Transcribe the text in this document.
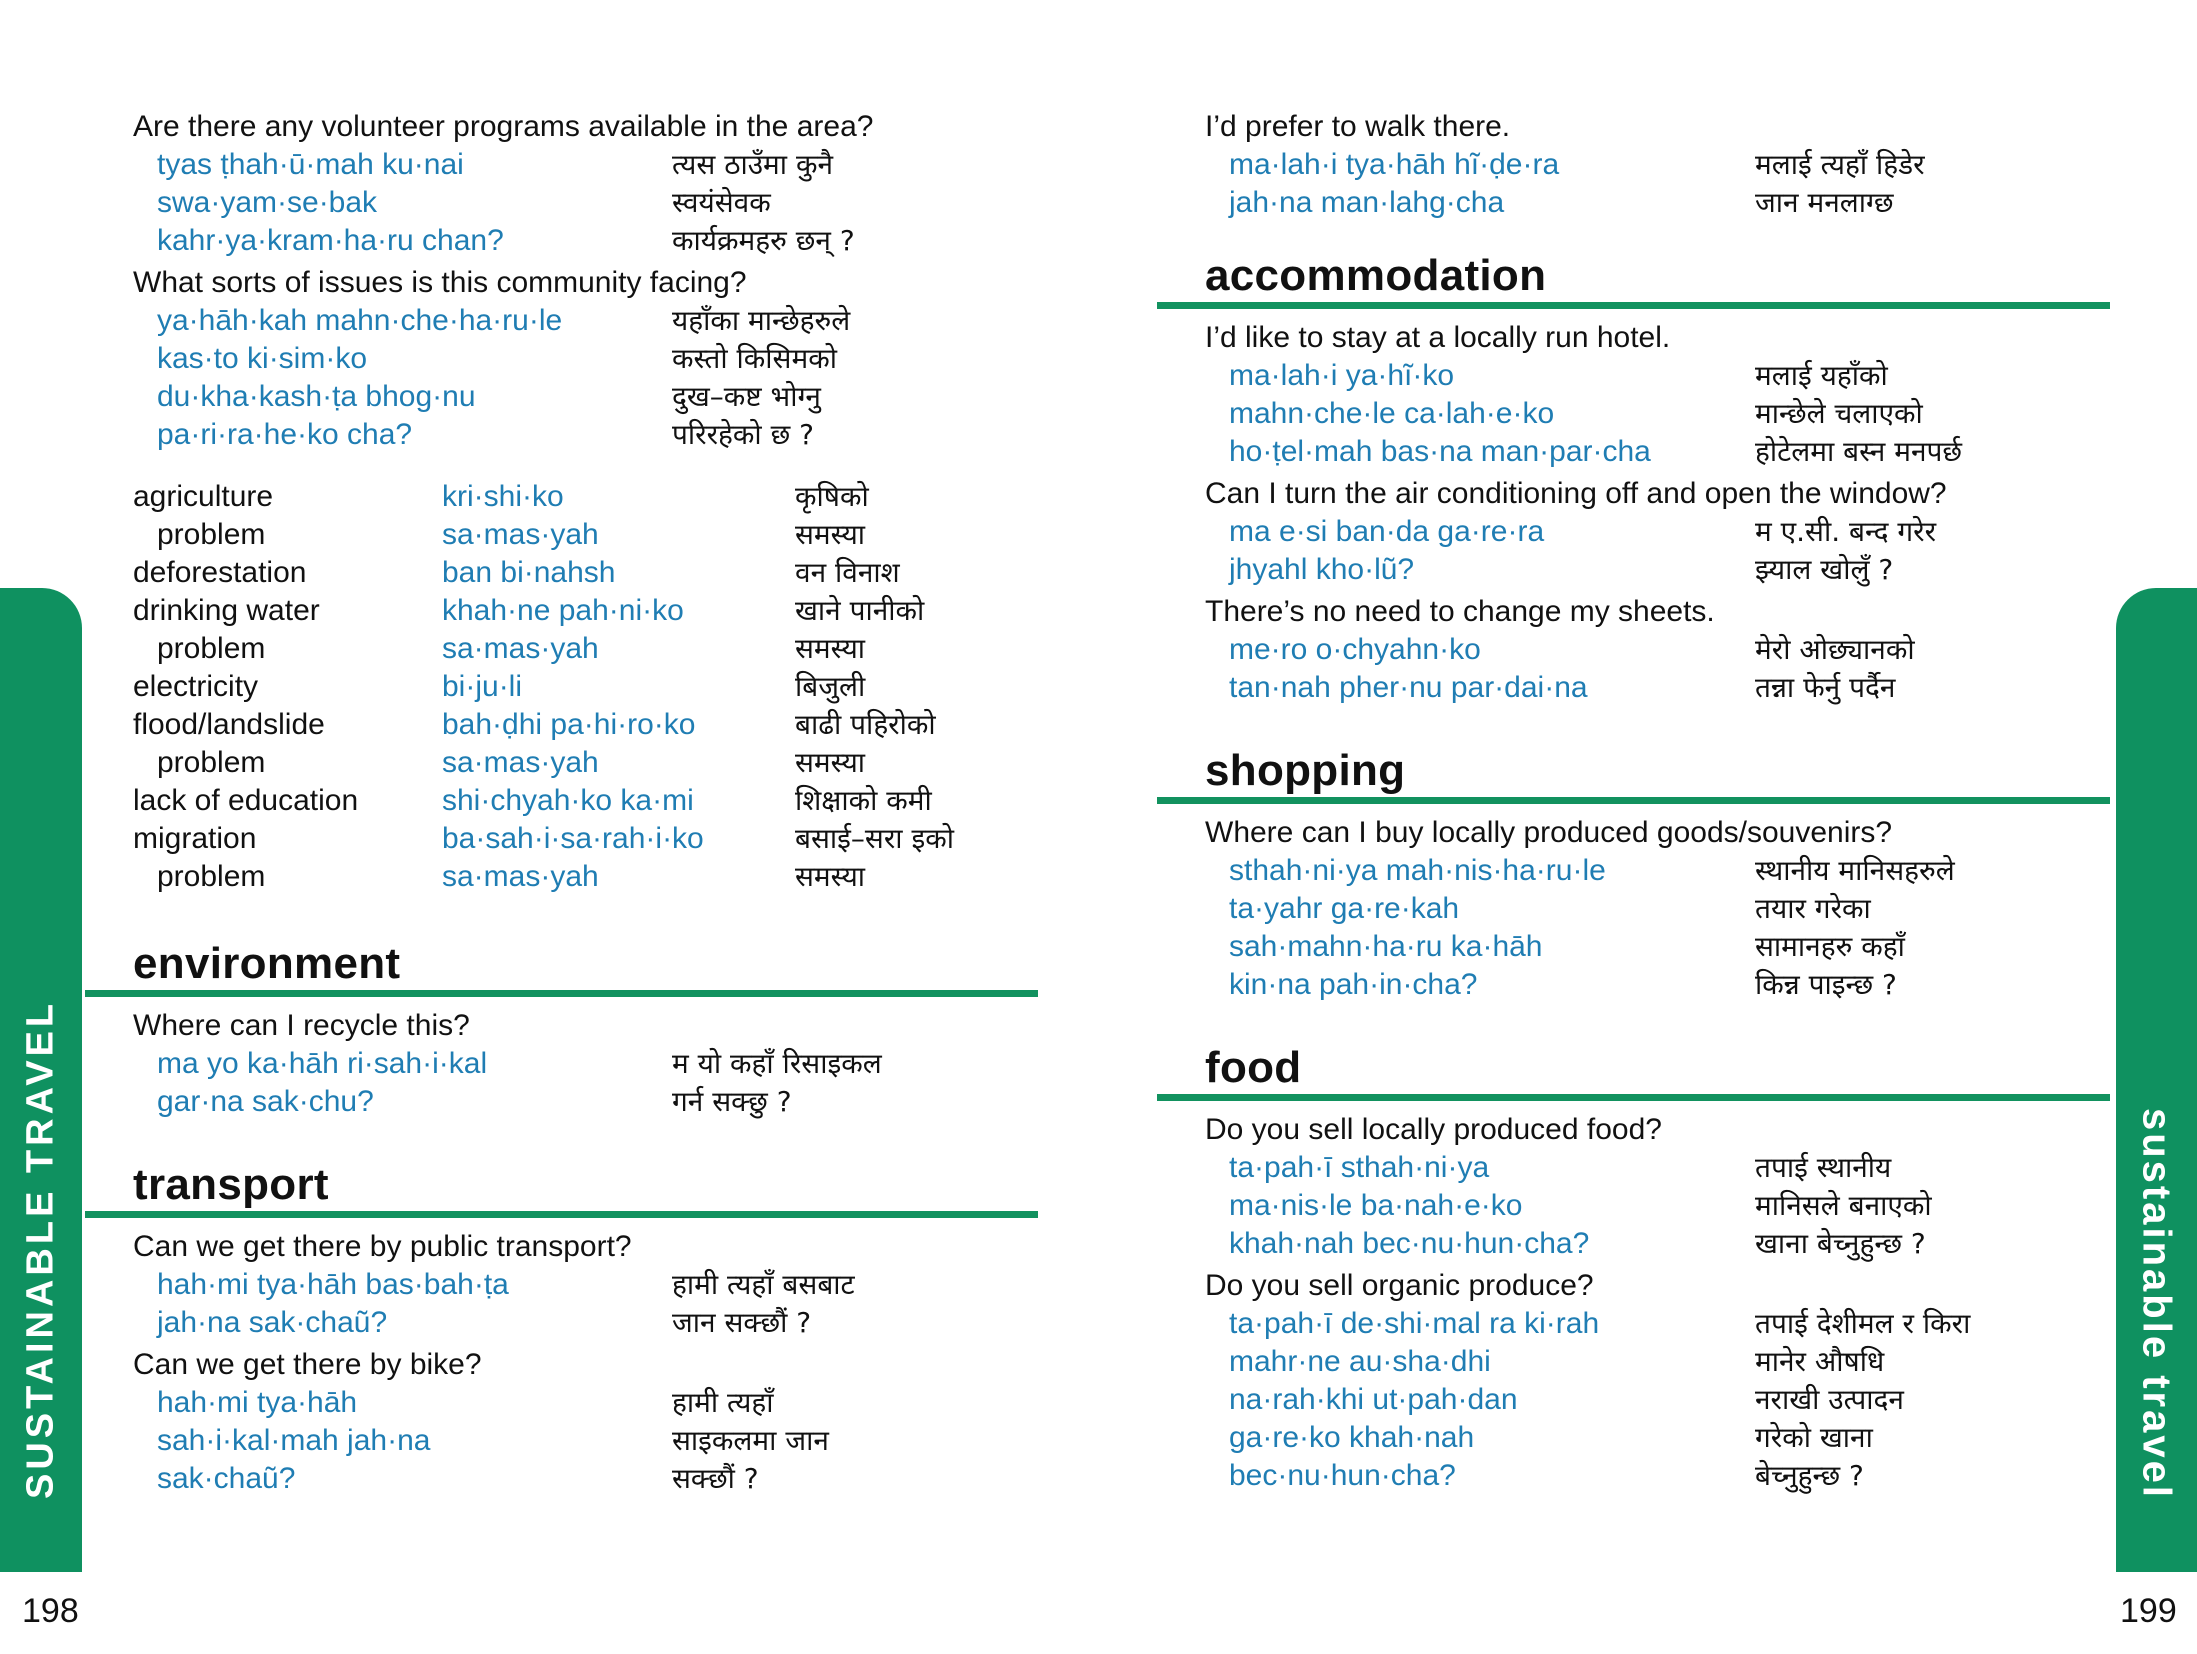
Are there any volunteer programs available in the area?

tyas ṭhah·ū·mah ku·nai	त्यस ठाउँमा कुनै
swa·yam·se·bak	स्वयंसेवक
kahr·ya·kram·ha·ru chan?	कार्यक्रमहरु छन् ?

What sorts of issues is this community facing?

ya·hāh·kah mahn·che·ha·ru·le	यहाँका मान्छेहरुले
kas·to ki·sim·ko	कस्तो किसिमको
du·kha·kash·ṭa bhog·nu	दुख–कष्ट भोग्नु
pa·ri·ra·he·ko cha?	परिरहेको छ ?
agriculture	kri·shi·ko	कृषिको
problem	sa·mas·yah	समस्या
deforestation	ban bi·nahsh	वन विनाश
drinking water	khah·ne pah·ni·ko	खाने पानीको
problem	sa·mas·yah	समस्या
electricity	bi·ju·li	बिजुली
flood/landslide	bah·ḍhi pa·hi·ro·ko	बाढी पहिरोको
problem	sa·mas·yah	समस्या
lack of education	shi·chyah·ko ka·mi	शिक्षाको कमी
migration	ba·sah·i·sa·rah·i·ko	बसाई–सरा इको
problem	sa·mas·yah	समस्या
environment

Where can I recycle this?

ma yo ka·hāh ri·sah·i·kal	म यो कहाँ रिसाइकल
gar·na sak·chu?	गर्न सक्छु ?
transport

Can we get there by public transport?

hah·mi tya·hāh bas·bah·ṭa	हामी त्यहाँ बसबाट
jah·na sak·chaũ?	जान सक्छौं ?

Can we get there by bike?

hah·mi tya·hāh	हामी त्यहाँ
sah·i·kal·mah jah·na	साइकलमा जान
sak·chaũ?	सक्छौं ?
SUSTAINABLE TRAVEL
198

I’d prefer to walk there.

ma·lah·i tya·hāh hĩ·ḍe·ra	मलाई त्यहाँ हिडेर
jah·na man·lahg·cha	जान मनलाग्छ
accommodation

I’d like to stay at a locally run hotel.

ma·lah·i ya·hĩ·ko	मलाई यहाँको
mahn·che·le ca·lah·e·ko	मान्छेले चलाएको
ho·ṭel·mah bas·na man·par·cha	होटेलमा बस्न मनपर्छ

Can I turn the air conditioning off and open the window?

ma e·si ban·da ga·re·ra	म ए.सी. बन्द गरेर
jhyahl kho·lũ?	झ्याल खोलुँ ?

There’s no need to change my sheets.

me·ro o·chyahn·ko	मेरो ओछ्यानको
tan·nah pher·nu par·dai·na	तन्ना फेर्नु पर्दैन
shopping

Where can I buy locally produced goods/souvenirs?

sthah·ni·ya mah·nis·ha·ru·le	स्थानीय मानिसहरुले
ta·yahr ga·re·kah	तयार गरेका
sah·mahn·ha·ru ka·hāh	सामानहरु कहाँ
kin·na pah·in·cha?	किन्न पाइन्छ ?
food

Do you sell locally produced food?

ta·pah·ī sthah·ni·ya	तपाई स्थानीय
ma·nis·le ba·nah·e·ko	मानिसले बनाएको
khah·nah bec·nu·hun·cha?	खाना बेच्नुहुन्छ ?

Do you sell organic produce?

ta·pah·ī de·shi·mal ra ki·rah	तपाई देशीमल र किरा
mahr·ne au·sha·dhi	मानेर औषधि
na·rah·khi ut·pah·dan	नराखी उत्पादन
ga·re·ko khah·nah	गरेको खाना
bec·nu·hun·cha?	बेच्नुहुन्छ ?	sustainable travel
199
